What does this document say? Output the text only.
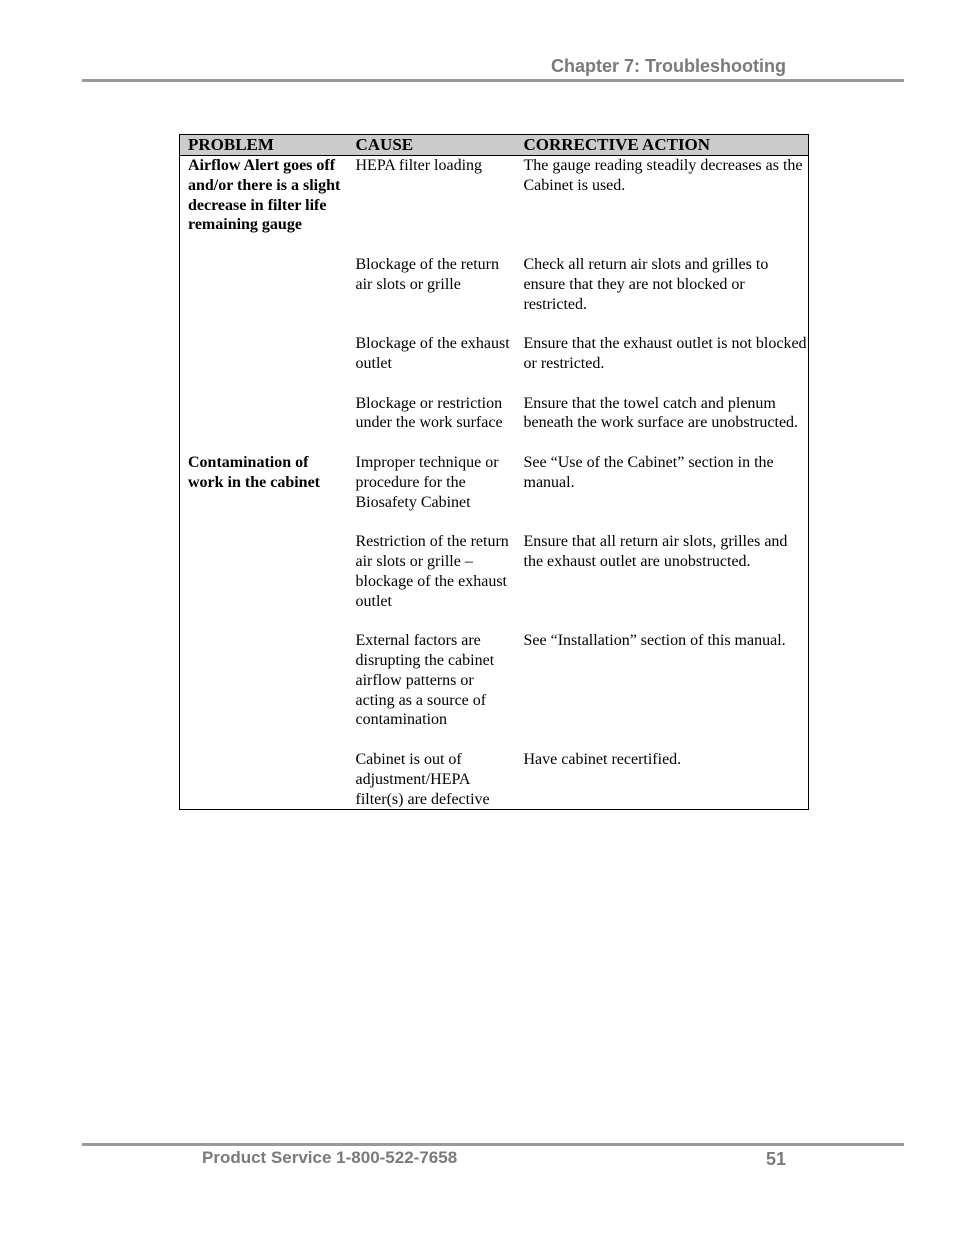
Chapter 7: Troubleshooting
PROBLEM	CAUSE	CORRECTIVE ACTION
Airflow Alert goes off and/or there is a slight decrease in filter life remaining gauge	HEPA filter loading	The gauge reading steadily decreases as the Cabinet is used.
	Blockage of the return air slots or grille	Check all return air slots and grilles to ensure that they are not blocked or restricted.
	Blockage of the exhaust outlet	Ensure that the exhaust outlet is not blocked or restricted.
	Blockage or restriction under the work surface	Ensure that the towel catch and plenum beneath the work surface are unobstructed.
Contamination of work in the cabinet	Improper technique or procedure for the Biosafety Cabinet	See “Use of the Cabinet” section in the manual.
	Restriction of the return air slots or grille – blockage of the exhaust outlet	Ensure that all return air slots, grilles and the exhaust outlet are unobstructed.
	External factors are disrupting the cabinet airflow patterns or acting as a source of contamination	See “Installation” section of this manual.
	Cabinet is out of adjustment/HEPA filter(s) are defective	Have cabinet recertified.
Product Service 1-800-522-7658	51
